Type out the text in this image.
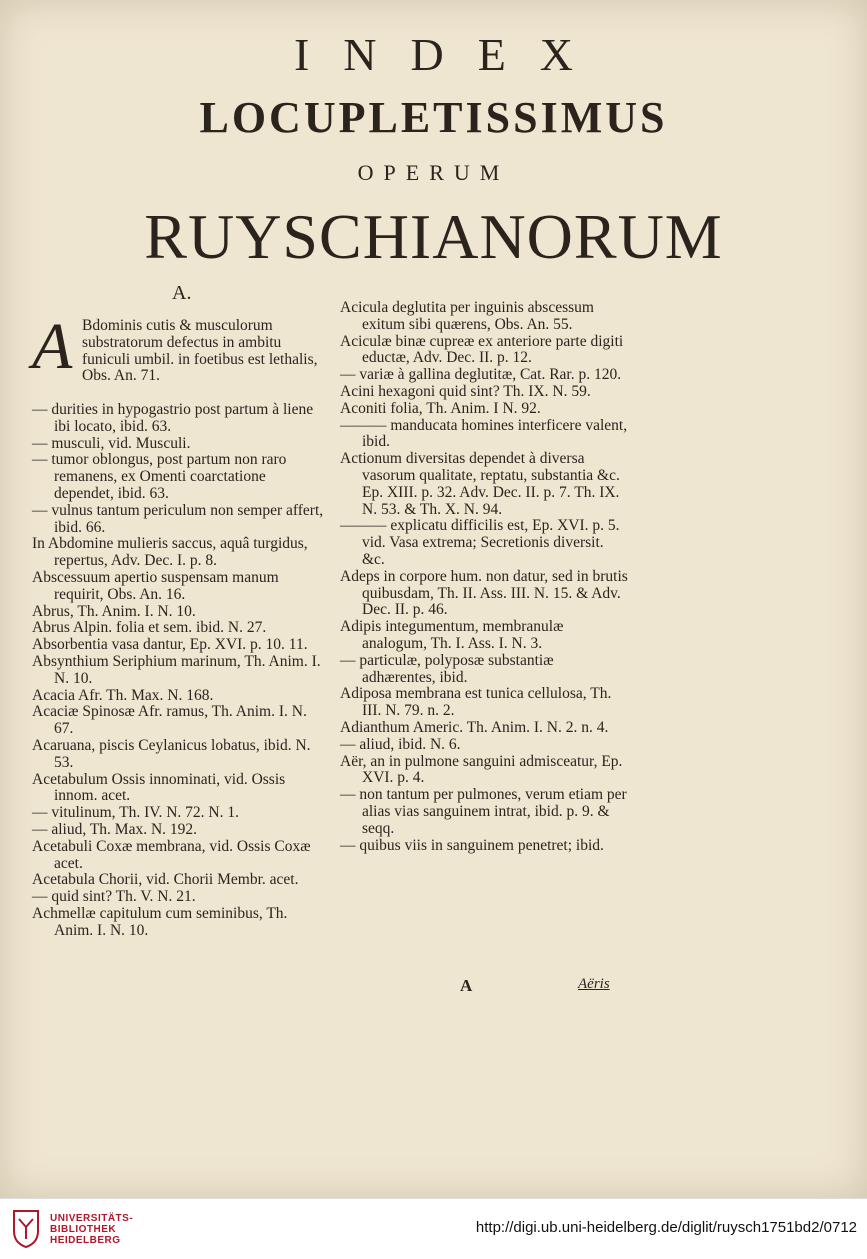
INDEX
LOCUPLETISSIMUS
OPERUM
RUYSCHIANORUM
A.

A Bdominis cutis & musculorum substratorum defectus in ambitu funiculi umbil. in foetibus est lethalis, Obs. An. 71.

— durities in hypogastrio post partum à liene ibi locato, ibid. 63.

— musculi, vid. Musculi.

— tumor oblongus, post partum non raro remanens, ex Omenti coarctatione dependet, ibid. 63.

— vulnus tantum periculum non semper affert, ibid. 66.

In Abdomine mulieris saccus, aquâ turgidus, repertus, Adv. Dec. I. p. 8.

Abscessuum apertio suspensam manum requirit, Obs. An. 16.

Abrus, Th. Anim. I. N. 10.

Abrus Alpin. folia et sem. ibid. N. 27.

Absorbentia vasa dantur, Ep. XVI. p. 10. 11.

Absynthium Seriphium marinum, Th. Anim. I. N. 10.

Acacia Afr. Th. Max. N. 168.

Acaciæ Spinosæ Afr. ramus, Th. Anim. I. N. 67.

Acaruana, piscis Ceylanicus lobatus, ibid. N. 53.

Acetabulum Ossis innominati, vid. Ossis innom. acet.

— vitulinum, Th. IV. N. 72. N. 1.

— aliud, Th. Max. N. 192.

Acetabuli Coxæ membrana, vid. Ossis Coxæ acet.

Acetabula Chorii, vid. Chorii Membr. acet.

— quid sint? Th. V. N. 21.

Achmellæ capitulum cum seminibus, Th. Anim. I. N. 10.

Acicula deglutita per inguinis abscessum exitum sibi quærens, Obs. An. 55.

Aciculæ binæ cupreæ ex anteriore parte digiti eductæ, Adv. Dec. II. p. 12.

— variæ à gallina deglutitæ, Cat. Rar. p. 120.

Acini hexagoni quid sint? Th. IX. N. 59.

Aconiti folia, Th. Anim. I N. 92.

——— manducata homines interficere valent, ibid.

Actionum diversitas dependet à diversa vasorum qualitate, reptatu, substantia &c. Ep. XIII. p. 32. Adv. Dec. II. p. 7. Th. IX. N. 53. & Th. X. N. 94.

——— explicatu difficilis est, Ep. XVI. p. 5. vid. Vasa extrema; Secretionis diversit. &c.

Adeps in corpore hum. non datur, sed in brutis quibusdam, Th. II. Ass. III. N. 15. & Adv. Dec. II. p. 46.

Adipis integumentum, membranulæ analogum, Th. I. Ass. I. N. 3.

— particulæ, polyposæ substantiæ adhærentes, ibid.

Adiposa membrana est tunica cellulosa, Th. III. N. 79. n. 2.

Adianthum Americ. Th. Anim. I. N. 2. n. 4.

— aliud, ibid. N. 6.

Aër, an in pulmone sanguini admisceatur, Ep. XVI. p. 4.

— non tantum per pulmones, verum etiam per alias vias sanguinem intrat, ibid. p. 9. & seqq.

— quibus viis in sanguinem penetret; ibid.

A	Aëris
UNIVERSITÄTS-
BIBLIOTHEK
HEIDELBERG
http://digi.ub.uni-heidelberg.de/diglit/ruysch1751bd2/0712
